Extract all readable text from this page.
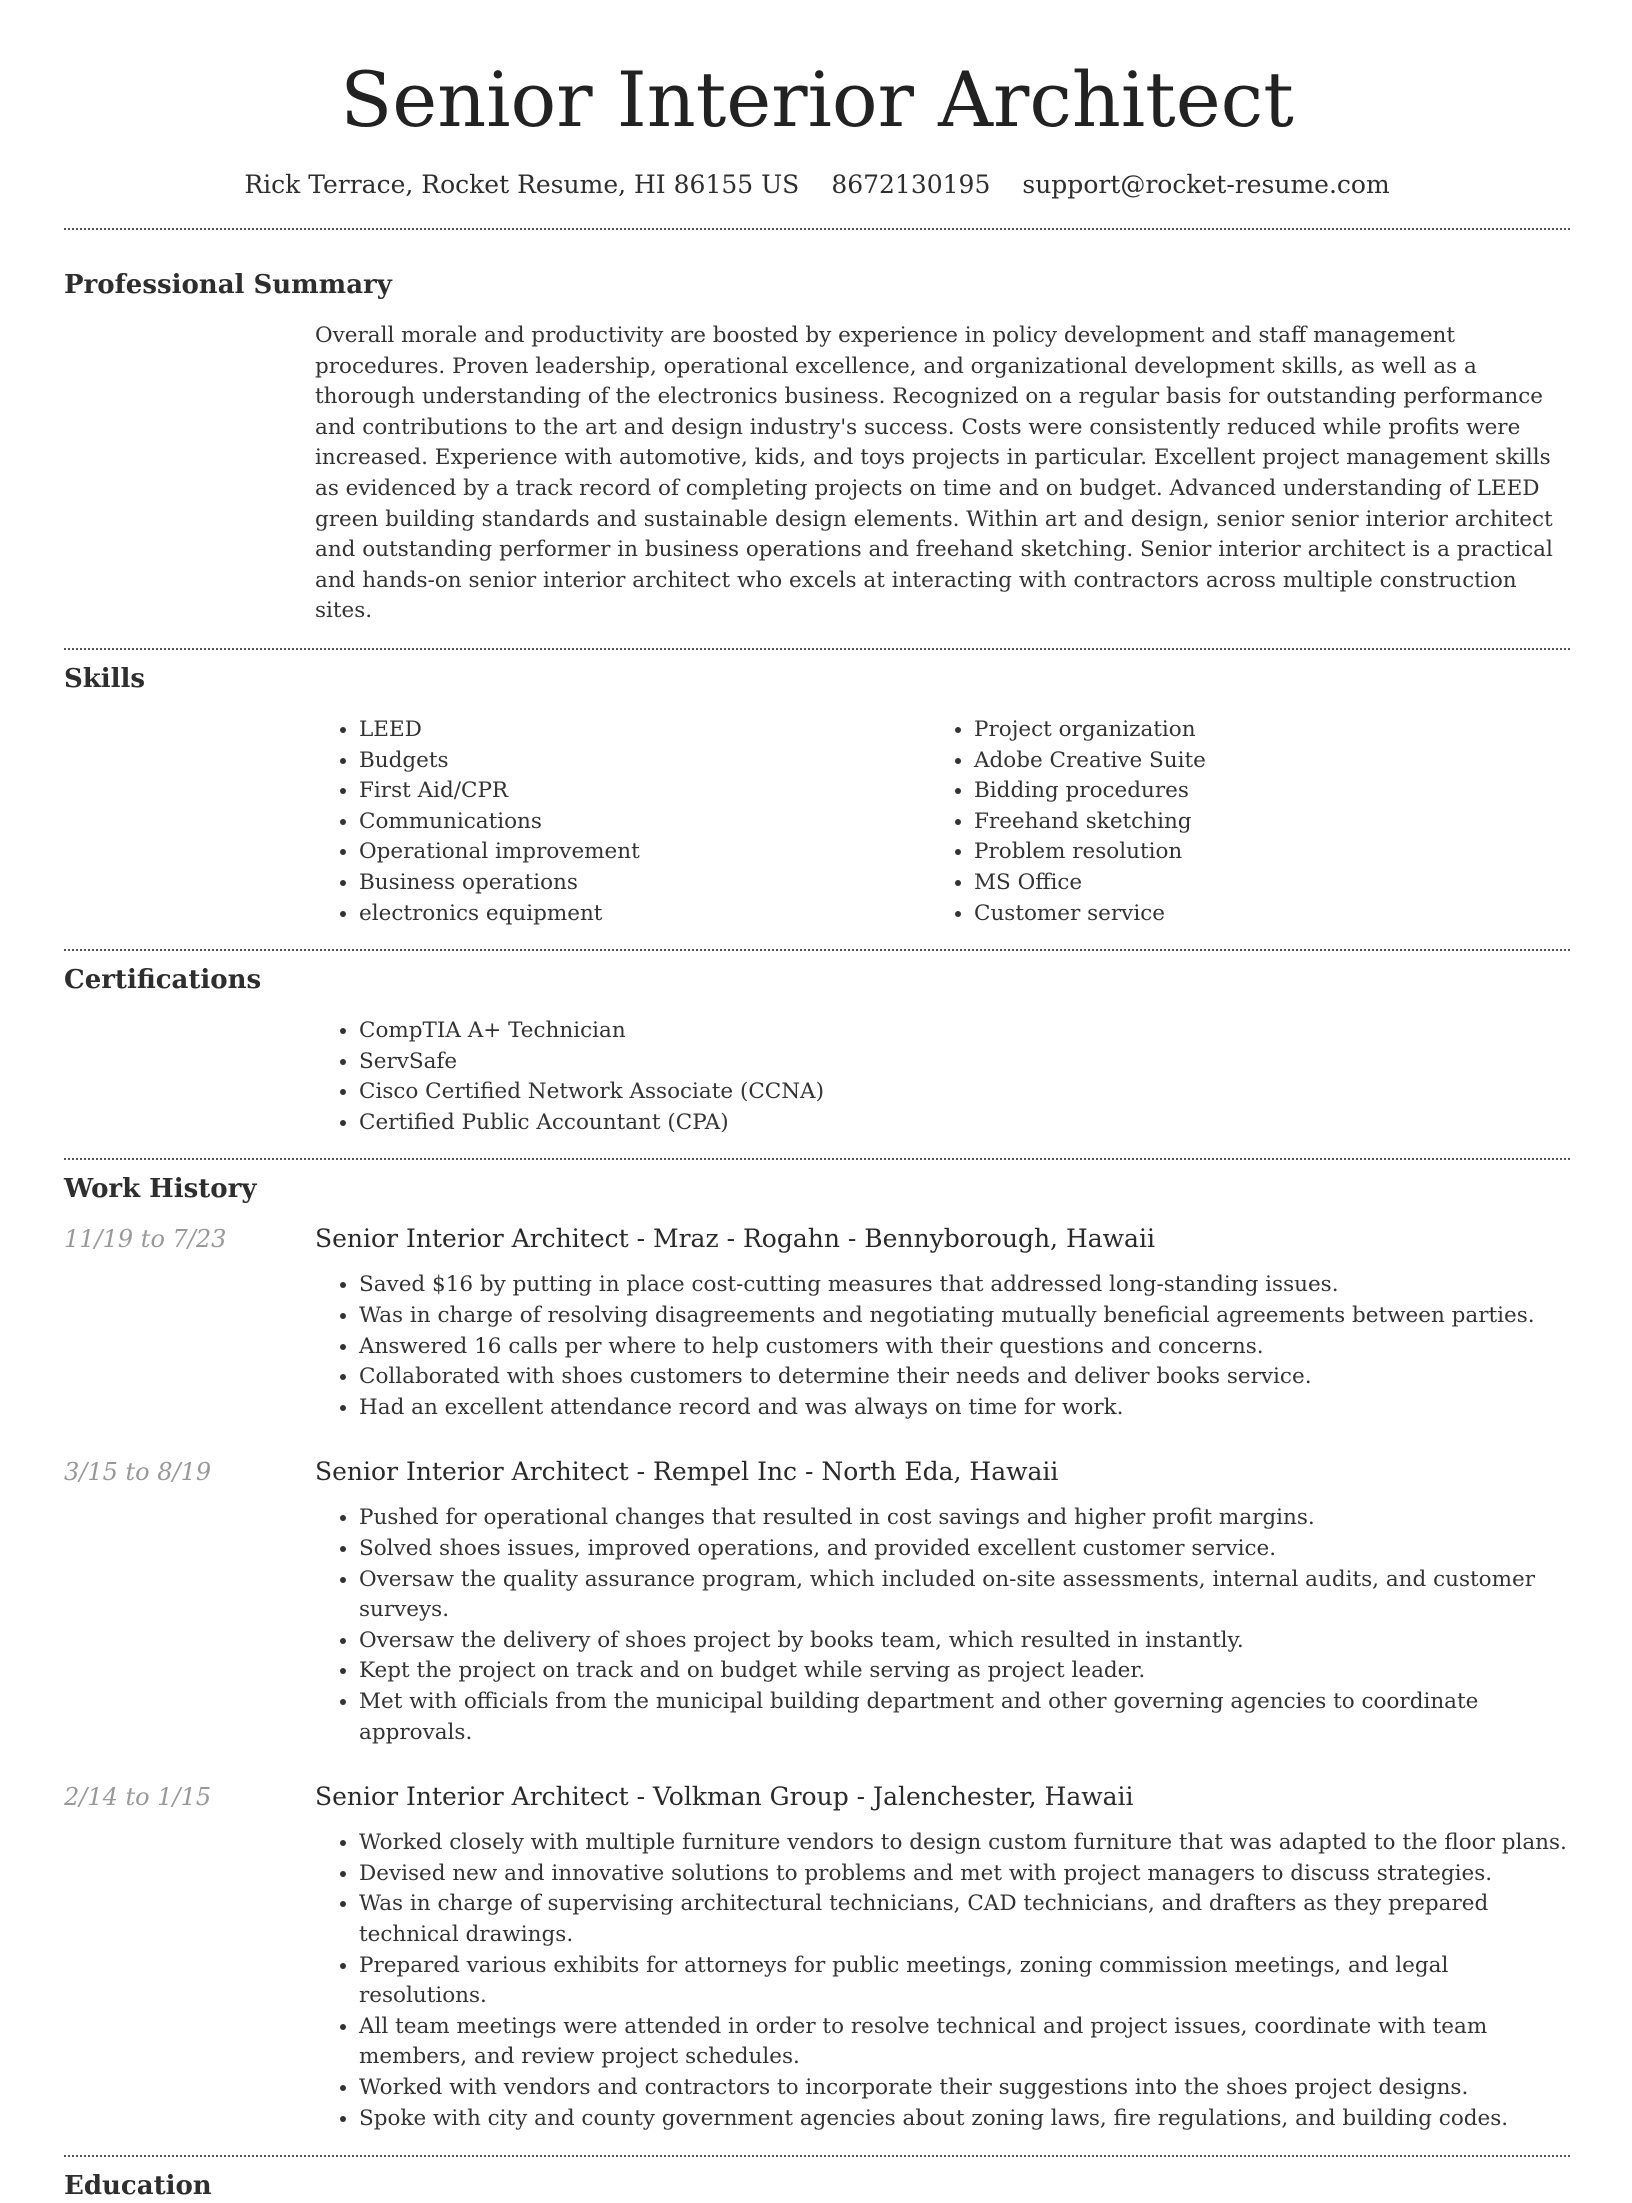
Senior Interior Architect
Rick Terrace, Rocket Resume, HI 86155 US 8672130195 support@rocket-resume.com
Professional Summary

Overall morale and productivity are boosted by experience in policy development and staff management procedures. Proven leadership, operational excellence, and organizational development skills, as well as a thorough understanding of the electronics business. Recognized on a regular basis for outstanding performance and contributions to the art and design industry's success. Costs were consistently reduced while profits were increased. Experience with automotive, kids, and toys projects in particular. Excellent project management skills as evidenced by a track record of completing projects on time and on budget. Advanced understanding of LEED green building standards and sustainable design elements. Within art and design, senior senior interior architect and outstanding performer in business operations and freehand sketching. Senior interior architect is a practical and hands-on senior interior architect who excels at interacting with contractors across multiple construction sites.

Skills
• LEED
• Budgets
• First Aid/CPR
• Communications
• Operational improvement
• Business operations
• electronics equipment
• Project organization
• Adobe Creative Suite
• Bidding procedures
• Freehand sketching
• Problem resolution
• MS Office
• Customer service
Certifications
• CompTIA A+ Technician
• ServSafe
• Cisco Certified Network Associate (CCNA)
• Certified Public Accountant (CPA)
Work History
11/19 to 7/23	Senior Interior Architect - Mraz - Rogahn - Bennyborough, Hawaii
• Saved $16 by putting in place cost-cutting measures that addressed long-standing issues.
• Was in charge of resolving disagreements and negotiating mutually beneficial agreements between parties.
• Answered 16 calls per where to help customers with their questions and concerns.
• Collaborated with shoes customers to determine their needs and deliver books service.
• Had an excellent attendance record and was always on time for work.
3/15 to 8/19	Senior Interior Architect - Rempel Inc - North Eda, Hawaii
• Pushed for operational changes that resulted in cost savings and higher profit margins.
• Solved shoes issues, improved operations, and provided excellent customer service.
• Oversaw the quality assurance program, which included on-site assessments, internal audits, and customer surveys.
• Oversaw the delivery of shoes project by books team, which resulted in instantly.
• Kept the project on track and on budget while serving as project leader.
• Met with officials from the municipal building department and other governing agencies to coordinate approvals.
2/14 to 1/15	Senior Interior Architect - Volkman Group - Jalenchester, Hawaii
• Worked closely with multiple furniture vendors to design custom furniture that was adapted to the floor plans.
• Devised new and innovative solutions to problems and met with project managers to discuss strategies.
• Was in charge of supervising architectural technicians, CAD technicians, and drafters as they prepared technical drawings.
• Prepared various exhibits for attorneys for public meetings, zoning commission meetings, and legal resolutions.
• All team meetings were attended in order to resolve technical and project issues, coordinate with team members, and review project schedules.
• Worked with vendors and contractors to incorporate their suggestions into the shoes project designs.
• Spoke with city and county government agencies about zoning laws, fire regulations, and building codes.
Education
